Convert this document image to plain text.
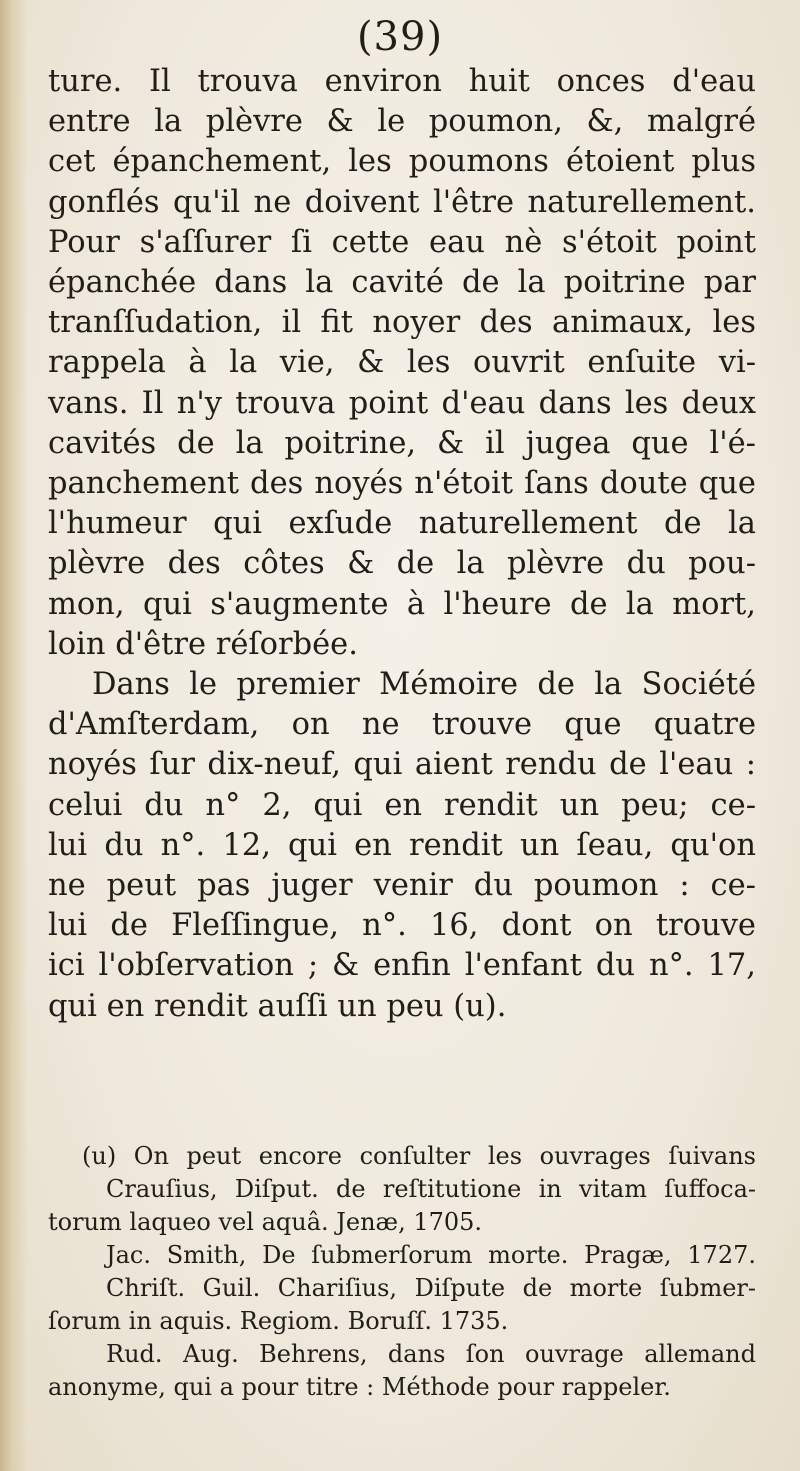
(39)

ture. Il trouva environ huit onces d'eau
entre la plèvre & le poumon, &, malgré
cet épanchement, les poumons étoient plus
gonflés qu'il ne doivent l'être naturellement.
Pour s'aſſurer ſi cette eau nè s'étoit point
épanchée dans la cavité de la poitrine par
tranſſudation, il fit noyer des animaux, les
rappela à la vie, & les ouvrit enſuite vi-
vans. Il n'y trouva point d'eau dans les deux
cavités de la poitrine, & il jugea que l'é-
panchement des noyés n'étoit ſans doute que
l'humeur qui exſude naturellement de la
plèvre des côtes & de la plèvre du pou-
mon, qui s'augmente à l'heure de la mort,
loin d'être réſorbée.
Dans le premier Mémoire de la Société
d'Amſterdam, on ne trouve que quatre
noyés ſur dix-neuf, qui aient rendu de l'eau :
celui du n° 2, qui en rendit un peu; ce-
lui du n°. 12, qui en rendit un ſeau, qu'on
ne peut pas juger venir du poumon : ce-
lui de Fleſſingue, n°. 16, dont on trouve
ici l'obſervation ; & enfin l'enfant du n°. 17,
qui en rendit auſſi un peu (u).
(u) On peut encore conſulter les ouvrages ſuivans
Crauſius, Diſput. de reſtitutione in vitam ſuffoca-
torum laqueo vel aquâ. Jenæ, 1705.
Jac. Smith, De ſubmerſorum morte. Pragæ, 1727.
Chriſt. Guil. Chariſius, Diſpute de morte ſubmer-
ſorum in aquis. Regiom. Boruſſ. 1735.
Rud. Aug. Behrens, dans ſon ouvrage allemand
anonyme, qui a pour titre : Méthode pour rappeler.
